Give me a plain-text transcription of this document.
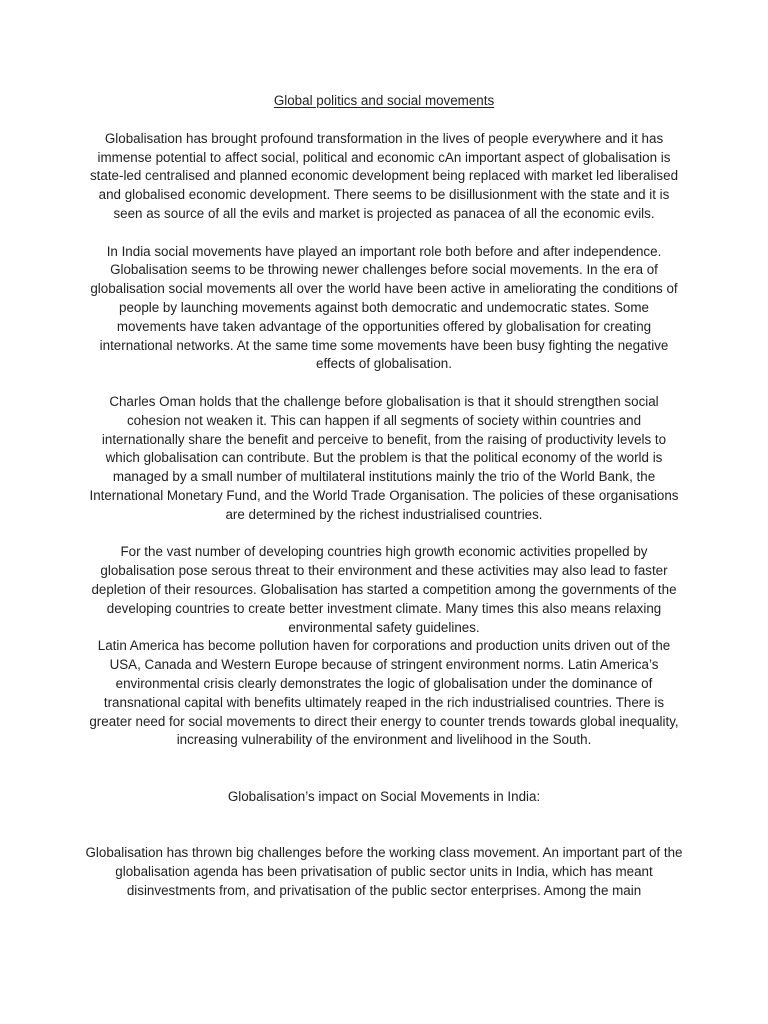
Global politics and social movements

Globalisation has brought profound transformation in the lives of people everywhere and it has immense potential to affect social, political and economic cAn important aspect of globalisation is state-led centralised and planned economic development being replaced with market led liberalised and globalised economic development. There seems to be disillusionment with the state and it is seen as source of all the evils and market is projected as panacea of all the economic evils.

In India social movements have played an important role both before and after independence. Globalisation seems to be throwing newer challenges before social movements. In the era of globalisation social movements all over the world have been active in ameliorating the conditions of people by launching movements against both democratic and undemocratic states. Some movements have taken advantage of the opportunities offered by globalisation for creating international networks. At the same time some movements have been busy fighting the negative effects of globalisation.

Charles Oman holds that the challenge before globalisation is that it should strengthen social cohesion not weaken it. This can happen if all segments of society within countries and internationally share the benefit and perceive to benefit, from the raising of productivity levels to which globalisation can contribute. But the problem is that the political economy of the world is managed by a small number of multilateral institutions mainly the trio of the World Bank, the International Monetary Fund, and the World Trade Organisation. The policies of these organisations are determined by the richest industrialised countries.

For the vast number of developing countries high growth economic activities propelled by globalisation pose serous threat to their environment and these activities may also lead to faster depletion of their resources. Globalisation has started a competition among the governments of the developing countries to create better investment climate. Many times this also means relaxing environmental safety guidelines.

Latin America has become pollution haven for corporations and production units driven out of the USA, Canada and Western Europe because of stringent environment norms. Latin America’s environmental crisis clearly demonstrates the logic of globalisation under the dominance of transnational capital with benefits ultimately reaped in the rich industrialised countries. There is greater need for social movements to direct their energy to counter trends towards global inequality, increasing vulnerability of the environment and livelihood in the South.

Globalisation’s impact on Social Movements in India:

Globalisation has thrown big challenges before the working class movement. An important part of the globalisation agenda has been privatisation of public sector units in India, which has meant disinvestments from, and privatisation of the public sector enterprises. Among the main
